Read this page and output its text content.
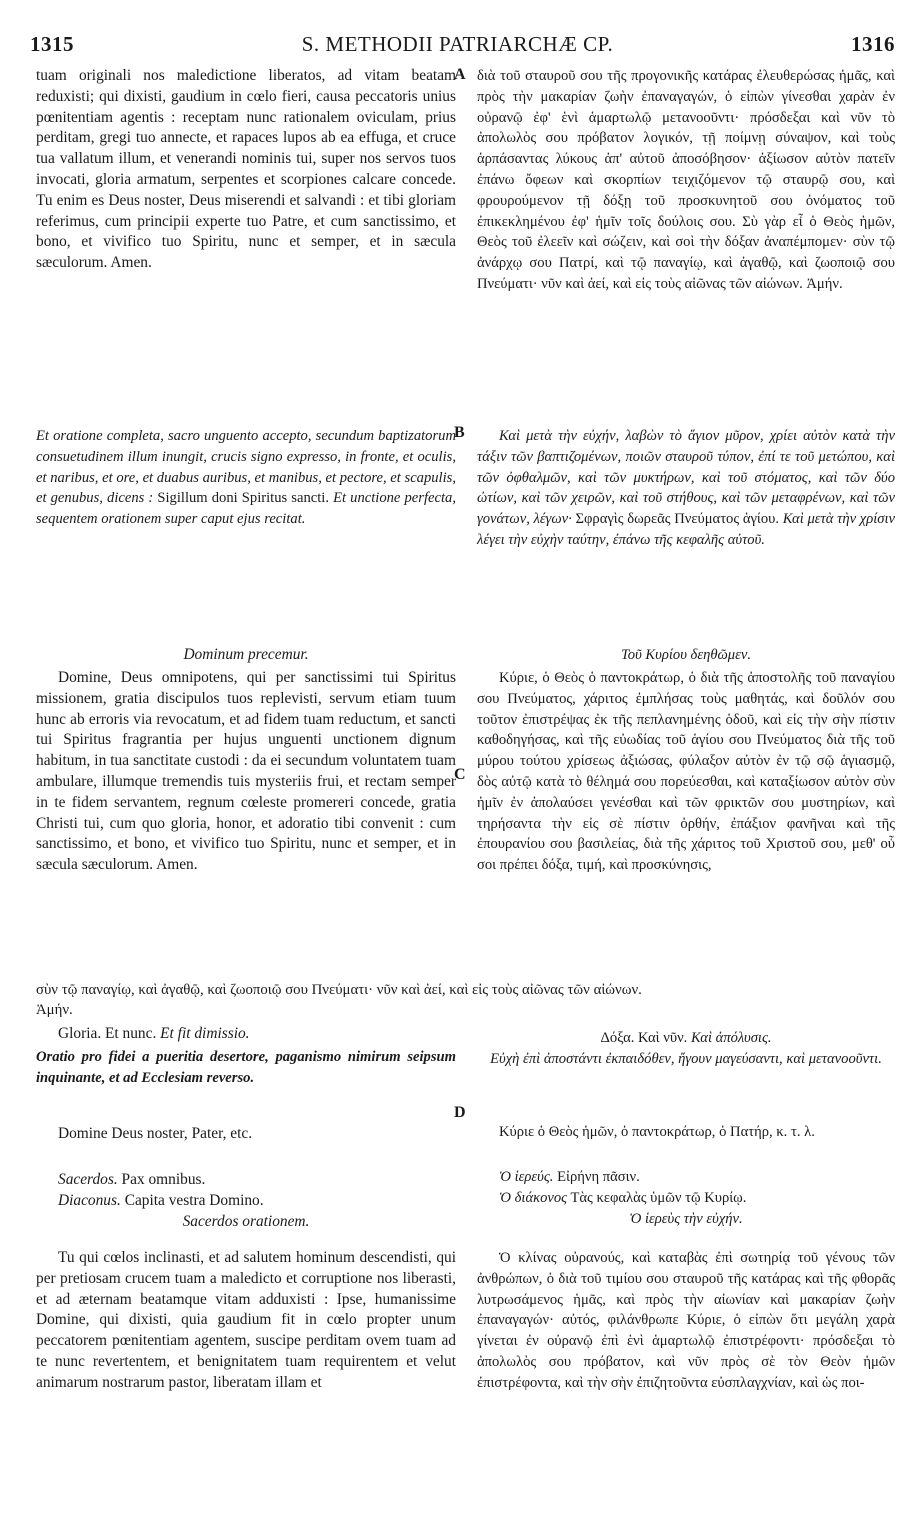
1315	S. METHODII PATRIARCHÆ CP.	1316
A
B
C
D

tuam originali nos maledictione liberatos, ad vitam beatam reduxisti; qui dixisti, gaudium in cœlo fieri, causa peccatoris unius pœnitentiam agentis : receptam nunc rationalem oviculam, prius perditam, gregi tuo annecte, et rapaces lupos ab ea effuga, et cruce tua vallatum illum, et venerandi nominis tui, super nos servos tuos invocati, gloria armatum, serpentes et scorpiones calcare concede. Tu enim es Deus noster, Deus miserendi et salvandi : et tibi gloriam referimus, cum principii experte tuo Patre, et cum sanctissimo, et bono, et vivifico tuo Spiritu, nunc et semper, et in sæcula sæculorum. Amen.

Et oratione completa, sacro unguento accepto, secundum baptizatorum consuetudinem illum inungit, crucis signo expresso, in fronte, et oculis, et naribus, et ore, et duabus auribus, et manibus, et pectore, et scapulis, et genubus, dicens : Sigillum doni Spiritus sancti. Et unctione perfecta, sequentem orationem super caput ejus recitat.

Dominum precemur.

Domine, Deus omnipotens, qui per sanctissimi tui Spiritus missionem, gratia discipulos tuos replevisti, servum etiam tuum hunc ab erroris via revocatum, et ad fidem tuam reductum, et sancti tui Spiritus fragrantia per hujus unguenti unctionem dignum habitum, in tua sanctitate custodi : da ei secundum voluntatem tuam ambulare, illumque tremendis tuis mysteriis frui, et rectam semper in te fidem servantem, regnum cœleste promereri concede, gratia Christi tui, cum quo gloria, honor, et adoratio tibi convenit : cum sanctissimo, et bono, et vivifico tuo Spiritu, nunc et semper, et in sæcula sæculorum. Amen.

σὺν τῷ παναγίῳ, καὶ ἀγαθῷ, καὶ ζωοποιῷ σου Πνεύματι· νῦν καὶ ἀεί, καὶ εἰς τοὺς αἰῶνας τῶν αἰώνων.

Ἀμήν.

Gloria. Et nunc. Et fit dimissio.

Oratio pro fidei a pueritia desertore, paganismo nimirum seipsum inquinante, et ad Ecclesiam reverso.

Domine Deus noster, Pater, etc.

Sacerdos. Pax omnibus.

Diaconus. Capita vestra Domino.

Sacerdos orationem.

Tu qui cœlos inclinasti, et ad salutem hominum descendisti, qui per pretiosam crucem tuam a maledicto et corruptione nos liberasti, et ad æternam beatamque vitam adduxisti : Ipse, humanissime Domine, qui dixisti, quia gaudium fit in cœlo propter unum peccatorem pœnitentiam agentem, suscipe perditam ovem tuam ad te nunc revertentem, et benignitatem tuam requirentem et velut animarum nostrarum pastor, liberatam illam et

διὰ τοῦ σταυροῦ σου τῆς προγονικῆς κατάρας ἐλευθερώσας ἡμᾶς, καὶ πρὸς τὴν μακαρίαν ζωὴν ἐπαναγαγών, ὁ εἰπὼν γίνεσθαι χαρὰν ἐν οὐρανῷ ἐφ' ἑνὶ ἁμαρτωλῷ μετανοοῦντι· πρόσδεξαι καὶ νῦν τὸ ἀπολωλὸς σου πρόβατον λογικόν, τῇ ποίμνῃ σύναψον, καὶ τοὺς ἁρπάσαντας λύκους ἀπ' αὐτοῦ ἀποσόβησον· ἀξίωσον αὐτὸν πατεῖν ἐπάνω ὄφεων καὶ σκορπίων τειχιζόμενον τῷ σταυρῷ σου, καὶ φρουρούμενον τῇ δόξῃ τοῦ προσκυνητοῦ σου ὀνόματος τοῦ ἐπικεκλημένου ἐφ' ἡμῖν τοῖς δούλοις σου. Σὺ γὰρ εἶ ὁ Θεὸς ἡμῶν, Θεὸς τοῦ ἐλεεῖν καὶ σώζειν, καὶ σοὶ τὴν δόξαν ἀναπέμπομεν· σὺν τῷ ἀνάρχῳ σου Πατρί, καὶ τῷ παναγίῳ, καὶ ἀγαθῷ, καὶ ζωοποιῷ σου Πνεύματι· νῦν καὶ ἀεί, καὶ εἰς τοὺς αἰῶνας τῶν αἰώνων. Ἀμήν.

Καὶ μετὰ τὴν εὐχήν, λαβὼν τὸ ἅγιον μῦρον, χρίει αὐτὸν κατὰ τὴν τάξιν τῶν βαπτιζομένων, ποιῶν σταυροῦ τύπον, ἐπί τε τοῦ μετώπου, καὶ τῶν ὀφθαλμῶν, καὶ τῶν μυκτήρων, καὶ τοῦ στόματος, καὶ τῶν δύο ὠτίων, καὶ τῶν χειρῶν, καὶ τοῦ στήθους, καὶ τῶν μεταφρένων, καὶ τῶν γονάτων, λέγων· Σφραγὶς δωρεᾶς Πνεύματος ἁγίου. Καὶ μετὰ τὴν χρίσιν λέγει τὴν εὐχὴν ταύτην, ἐπάνω τῆς κεφαλῆς αὐτοῦ.

Τοῦ Κυρίου δεηθῶμεν.

Κύριε, ὁ Θεὸς ὁ παντοκράτωρ, ὁ διὰ τῆς ἀποστολῆς τοῦ παναγίου σου Πνεύματος, χάριτος ἐμπλήσας τοὺς μαθητάς, καὶ δοῦλόν σου τοῦτον ἐπιστρέψας ἐκ τῆς πεπλανημένης ὁδοῦ, καὶ εἰς τὴν σὴν πίστιν καθοδηγήσας, καὶ τῆς εὐωδίας τοῦ ἁγίου σου Πνεύματος διὰ τῆς τοῦ μύρου τούτου χρίσεως ἀξιώσας, φύλαξον αὐτὸν ἐν τῷ σῷ ἁγιασμῷ, δὸς αὐτῷ κατὰ τὸ θέλημά σου πορεύεσθαι, καὶ καταξίωσον αὐτὸν σὺν ἡμῖν ἐν ἀπολαύσει γενέσθαι καὶ τῶν φρικτῶν σου μυστηρίων, καὶ τηρήσαντα τὴν εἰς σὲ πίστιν ὀρθήν, ἐπάξιον φανῆναι καὶ τῆς ἐπουρανίου σου βασιλείας, διὰ τῆς χάριτος τοῦ Χριστοῦ σου, μεθ' οὗ σοι πρέπει δόξα, τιμή, καὶ προσκύνησις,

Δόξα. Καὶ νῦν. Καὶ ἀπόλυσις.

Εὐχὴ ἐπὶ ἀποστάντι ἐκπαιδόθεν, ἤγουν μαγεύσαντι, καὶ μετανοοῦντι.

Κύριε ὁ Θεὸς ἡμῶν, ὁ παντοκράτωρ, ὁ Πατήρ, κ. τ. λ.

Ὁ ἱερεύς. Εἰρήνη πᾶσιν.

Ὁ διάκονος Τὰς κεφαλὰς ὑμῶν τῷ Κυρίῳ.

Ὁ ἱερεὺς τὴν εὐχήν.

Ὁ κλίνας οὐρανούς, καὶ καταβὰς ἐπὶ σωτηρίᾳ τοῦ γένους τῶν ἀνθρώπων, ὁ διὰ τοῦ τιμίου σου σταυροῦ τῆς κατάρας καὶ τῆς φθορᾶς λυτρωσάμενος ἡμᾶς, καὶ πρὸς τὴν αἰωνίαν καὶ μακαρίαν ζωὴν ἐπαναγαγών· αὐτός, φιλάνθρωπε Κύριε, ὁ εἰπὼν ὅτι μεγάλη χαρὰ γίνεται ἐν οὐρανῷ ἐπὶ ἑνὶ ἁμαρτωλῷ ἐπιστρέφοντι· πρόσδεξαι τὸ ἀπολωλὸς σου πρόβατον, καὶ νῦν πρὸς σὲ τὸν Θεὸν ἡμῶν ἐπιστρέφοντα, καὶ τὴν σὴν ἐπιζητοῦντα εὐσπλαγχνίαν, καὶ ὡς ποι-
